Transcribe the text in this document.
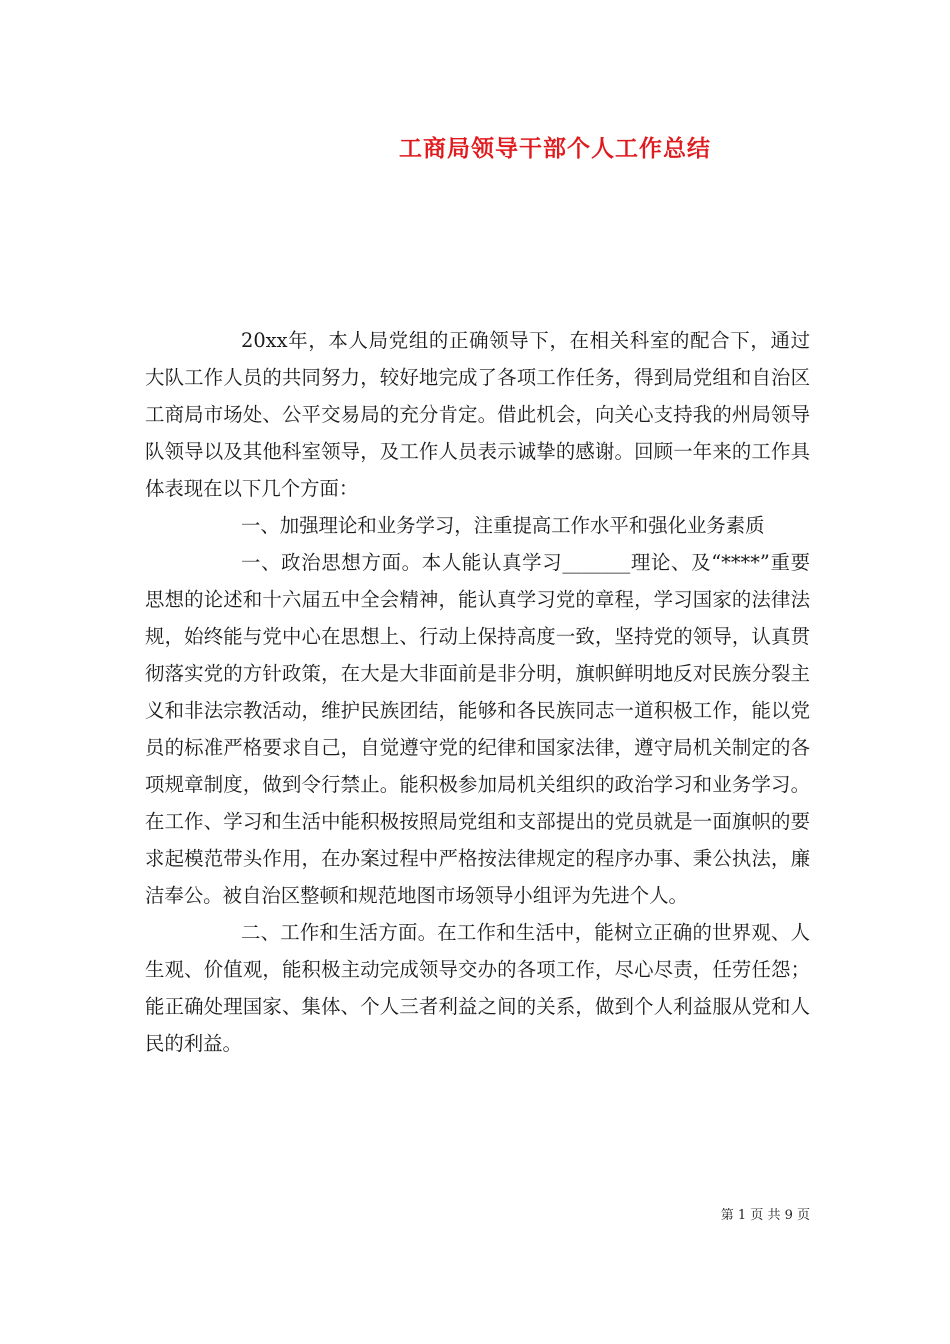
工商局领导干部个人工作总结

20xx年，本人局党组的正确领导下，在相关科室的配合下，通过大队工作人员的共同努力，较好地完成了各项工作任务，得到局党组和自治区工商局市场处、公平交易局的充分肯定。借此机会，向关心支持我的州局领导队领导以及其他科室领导，及工作人员表示诚挚的感谢。回顾一年来的工作具体表现在以下几个方面：

一、加强理论和业务学习，注重提高工作水平和强化业务素质

一、政治思想方面。本人能认真学习_______理论、及“****”重要思想的论述和十六届五中全会精神，能认真学习党的章程，学习国家的法律法规，始终能与党中心在思想上、行动上保持高度一致，坚持党的领导，认真贯彻落实党的方针政策，在大是大非面前是非分明，旗帜鲜明地反对民族分裂主义和非法宗教活动，维护民族团结，能够和各民族同志一道积极工作，能以党员的标准严格要求自己，自觉遵守党的纪律和国家法律，遵守局机关制定的各项规章制度，做到令行禁止。能积极参加局机关组织的政治学习和业务学习。在工作、学习和生活中能积极按照局党组和支部提出的党员就是一面旗帜的要求起模范带头作用，在办案过程中严格按法律规定的程序办事、秉公执法，廉洁奉公。被自治区整顿和规范地图市场领导小组评为先进个人。

二、工作和生活方面。在工作和生活中，能树立正确的世界观、人生观、价值观，能积极主动完成领导交办的各项工作，尽心尽责，任劳任怨；能正确处理国家、集体、个人三者利益之间的关系，做到个人利益服从党和人民的利益。

第 1 页 共 9 页
